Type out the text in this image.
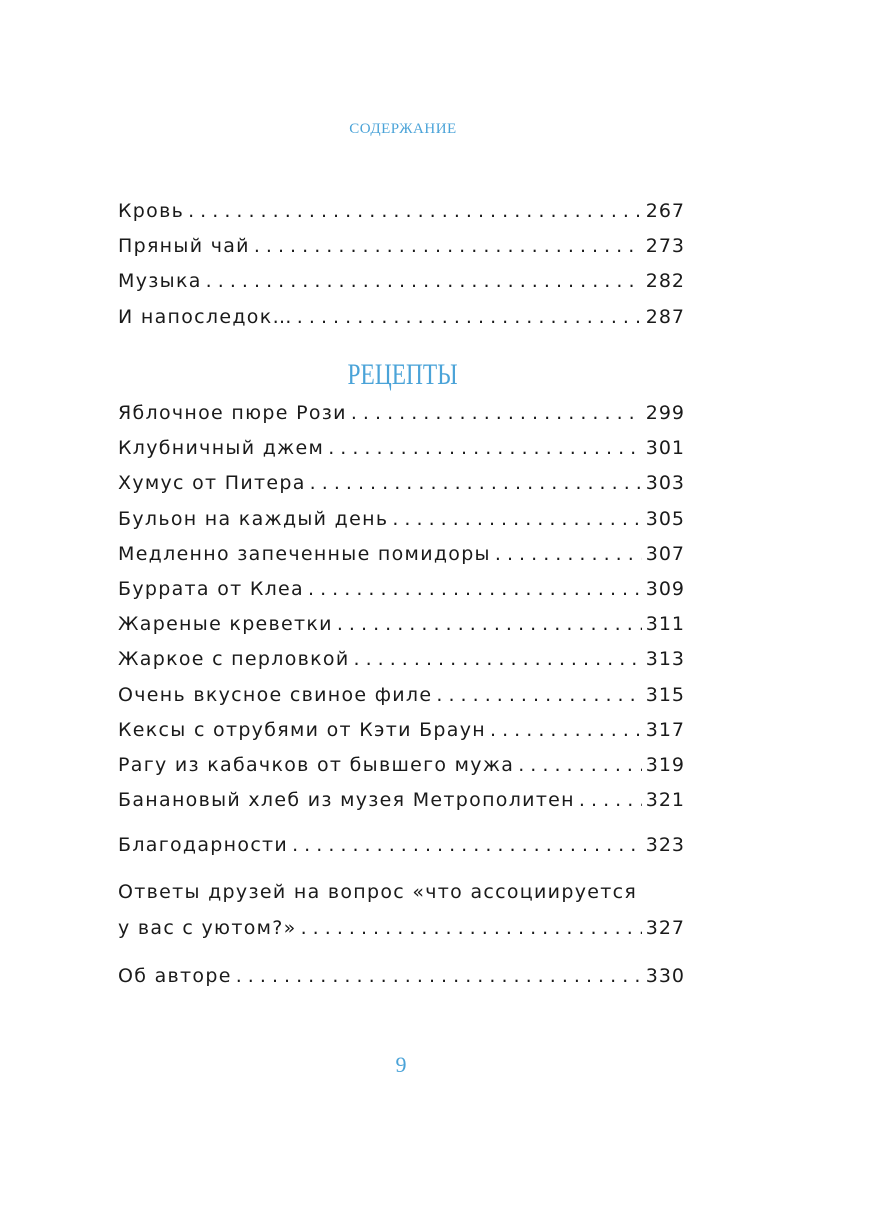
СОДЕРЖАНИЕ
Кровь . . .	267
Пряный чай . . .	273
Музыка . . .	282
И напоследок… . . .	287
РЕЦЕПТЫ
Яблочное пюре Рози . . .	299
Клубничный джем . . .	301
Хумус от Питера . . .	303
Бульон на каждый день . . .	305
Медленно запеченные помидоры . . .	307
Буррата от Клеа . . .	309
Жареные креветки . . .	311
Жаркое с перловкой . . .	313
Очень вкусное свиное филе . . .	315
Кексы с отрубями от Кэти Браун . . .	317
Рагу из кабачков от бывшего мужа . . .	319
Банановый хлеб из музея Метрополитен . . .	321
Благодарности . . .	323
Ответы друзей на вопрос «что ассоциируется
у вас с уютом?» . . .	327
Об авторе . . .	330
9
